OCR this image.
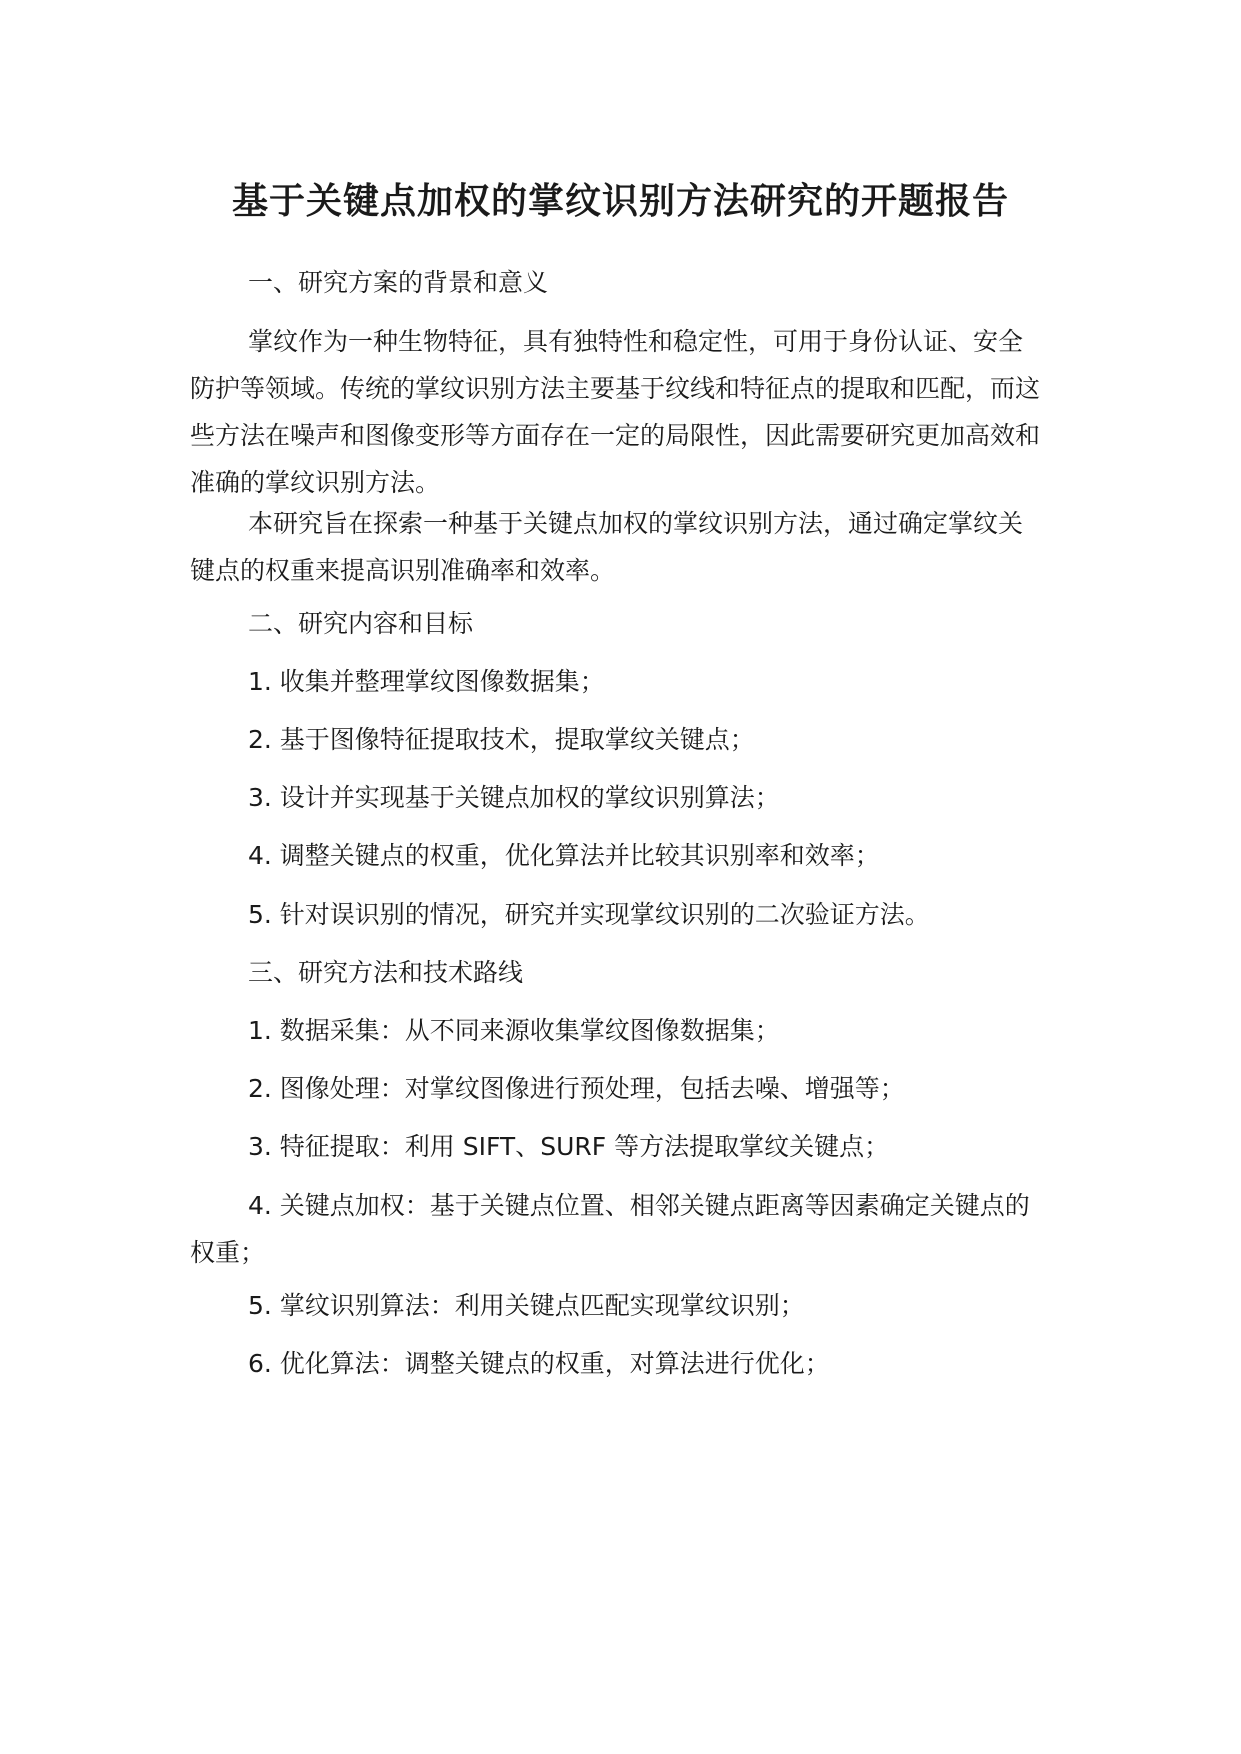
基于关键点加权的掌纹识别方法研究的开题报告

一、研究方案的背景和意义

掌纹作为一种生物特征，具有独特性和稳定性，可用于身份认证、安全防护等领域。传统的掌纹识别方法主要基于纹线和特征点的提取和匹配，而这些方法在噪声和图像变形等方面存在一定的局限性，因此需要研究更加高效和准确的掌纹识别方法。

本研究旨在探索一种基于关键点加权的掌纹识别方法，通过确定掌纹关键点的权重来提高识别准确率和效率。

二、研究内容和目标

1. 收集并整理掌纹图像数据集；

2. 基于图像特征提取技术，提取掌纹关键点；

3. 设计并实现基于关键点加权的掌纹识别算法；

4. 调整关键点的权重，优化算法并比较其识别率和效率；

5. 针对误识别的情况，研究并实现掌纹识别的二次验证方法。

三、研究方法和技术路线

1. 数据采集：从不同来源收集掌纹图像数据集；

2. 图像处理：对掌纹图像进行预处理，包括去噪、增强等；

3. 特征提取：利用 SIFT、SURF 等方法提取掌纹关键点；

4. 关键点加权：基于关键点位置、相邻关键点距离等因素确定关键点的权重；

5. 掌纹识别算法：利用关键点匹配实现掌纹识别；

6. 优化算法：调整关键点的权重，对算法进行优化；
